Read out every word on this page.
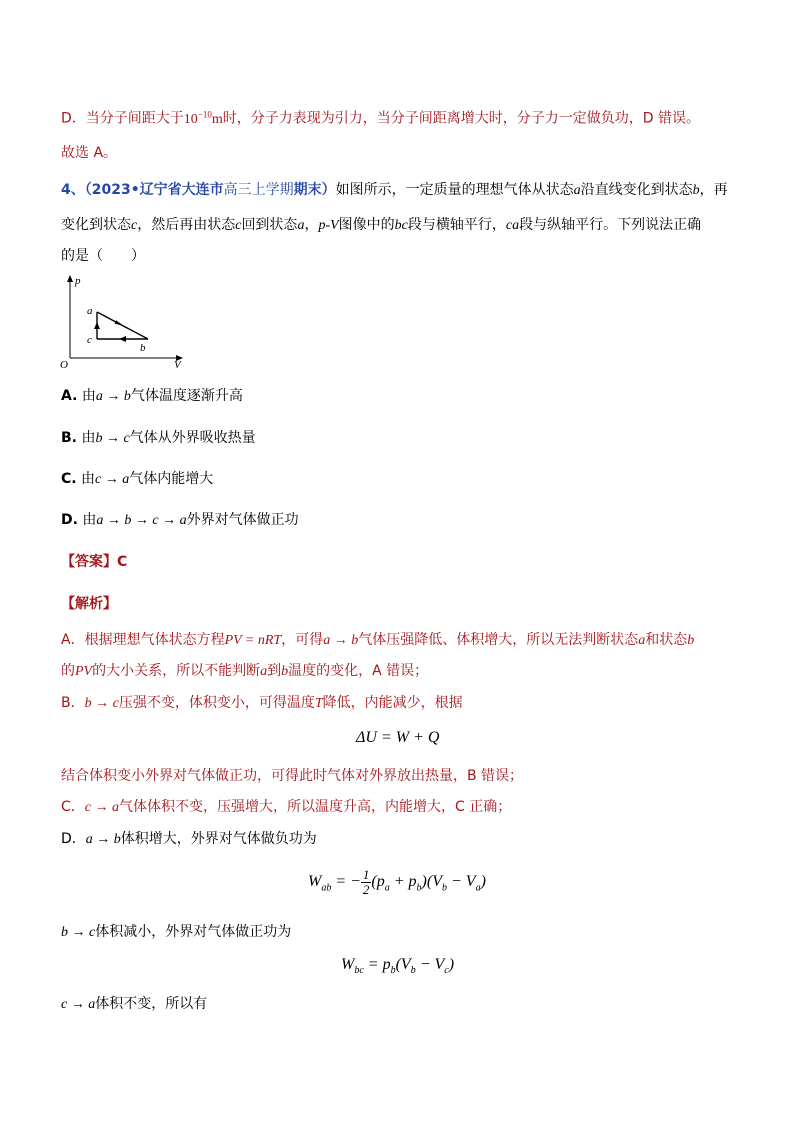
D．当分子间距大于$10^{-10}m$时，分子力表现为引力，当分子间距离增大时，分子力一定做负功，D 错误。
故选 A。
4、（2023•辽宁省大连市高三上学期期末）如图所示，一定质量的理想气体从状态a沿直线变化到状态b，再
变化到状态c，然后再由状态c回到状态a，p-V图像中的bc段与横轴平行，ca段与纵轴平行。下列说法正确
的是（　　）
p
V
O
a
c
b
A. 由a → b气体温度逐渐升高
B. 由b → c气体从外界吸收热量
C. 由c → a气体内能增大
D. 由a → b → c → a外界对气体做正功
【答案】C
【解析】
A．根据理想气体状态方程PV = nRT，可得a → b气体压强降低、体积增大，所以无法判断状态a和状态b
的PV的大小关系，所以不能判断a到b温度的变化，A 错误；
B．b → c压强不变，体积变小，可得温度T降低，内能减少，根据
ΔU = W + Q
结合体积变小外界对气体做正功，可得此时气体对外界放出热量，B 错误；
C．c → a气体体积不变，压强增大，所以温度升高，内能增大，C 正确；
D．a → b体积增大，外界对气体做负功为
$W_{ab}$ = − $\frac{1}{2} (p_a + p_b)(V_b - V_a)$
b → c体积减小，外界对气体做正功为
$W_{bc} = p_b(V_b - V_c)$
c → a体积不变，所以有
